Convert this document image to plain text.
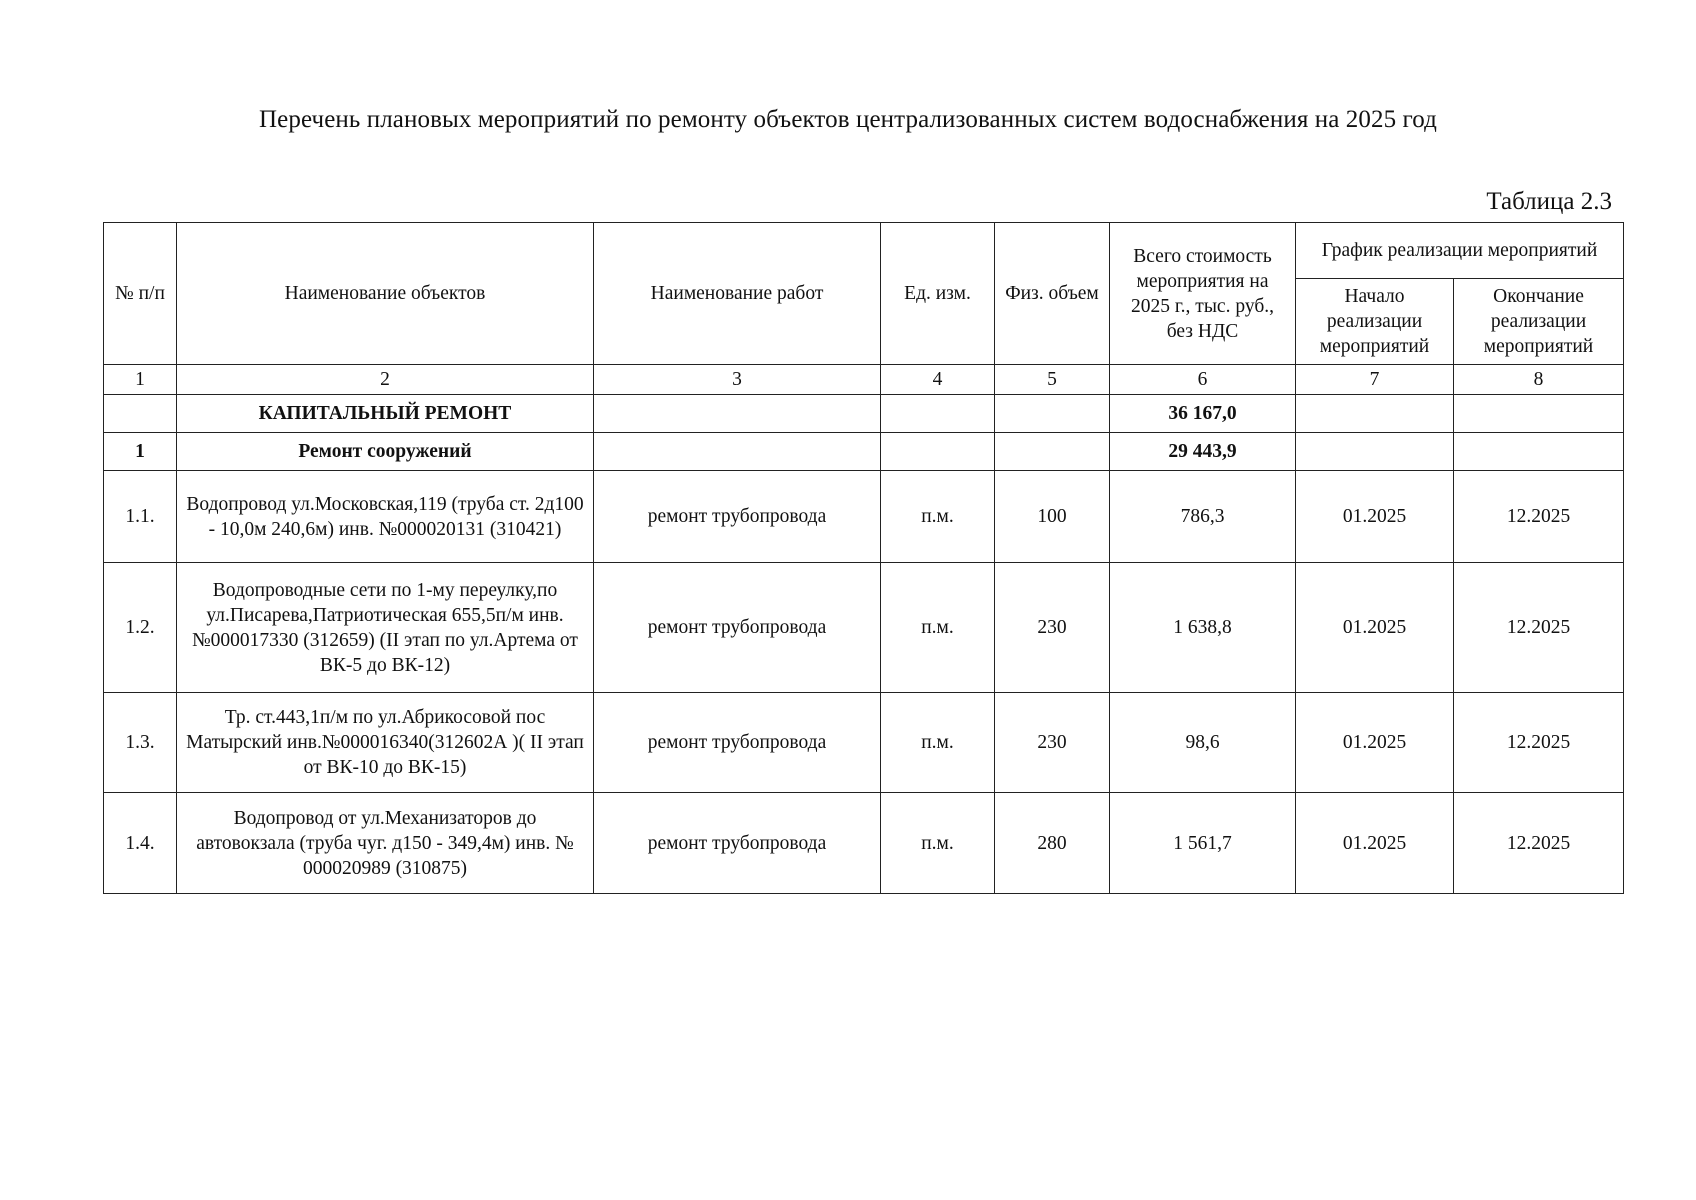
Перечень плановых мероприятий по ремонту объектов централизованных систем водоснабжения на 2025 год
Таблица 2.3
№ п/п	Наименование объектов	Наименование работ	Ед. изм.	Физ. объем	Всего стоимость мероприятия на 2025 г., тыс. руб., без НДС	График реализации мероприятий	
						Начало реализации мероприятий	Окончание реализации мероприятий
1	2	3	4	5	6	7	8
	КАПИТАЛЬНЫЙ РЕМОНТ				36 167,0		
1	Ремонт сооружений				29 443,9		
1.1.	Водопровод ул.Московская,119 (труба ст. 2д100 - 10,0м 240,6м) инв. №000020131 (310421)	ремонт трубопровода	п.м.	100	786,3	01.2025	12.2025
1.2.	Водопроводные сети по 1-му переулку,по ул.Писарева,Патриотическая 655,5п/м инв.№000017330 (312659) (II этап по ул.Артема от ВК-5 до ВК-12)	ремонт трубопровода	п.м.	230	1 638,8	01.2025	12.2025
1.3.	Тр. ст.443,1п/м по ул.Абрикосовой пос Матырский инв.№000016340(312602А )( II этап от ВК-10 до ВК-15)	ремонт трубопровода	п.м.	230	98,6	01.2025	12.2025
1.4.	Водопровод от ул.Механизаторов до автовокзала (труба чуг. д150 - 349,4м) инв. № 000020989 (310875)	ремонт трубопровода	п.м.	280	1 561,7	01.2025	12.2025
